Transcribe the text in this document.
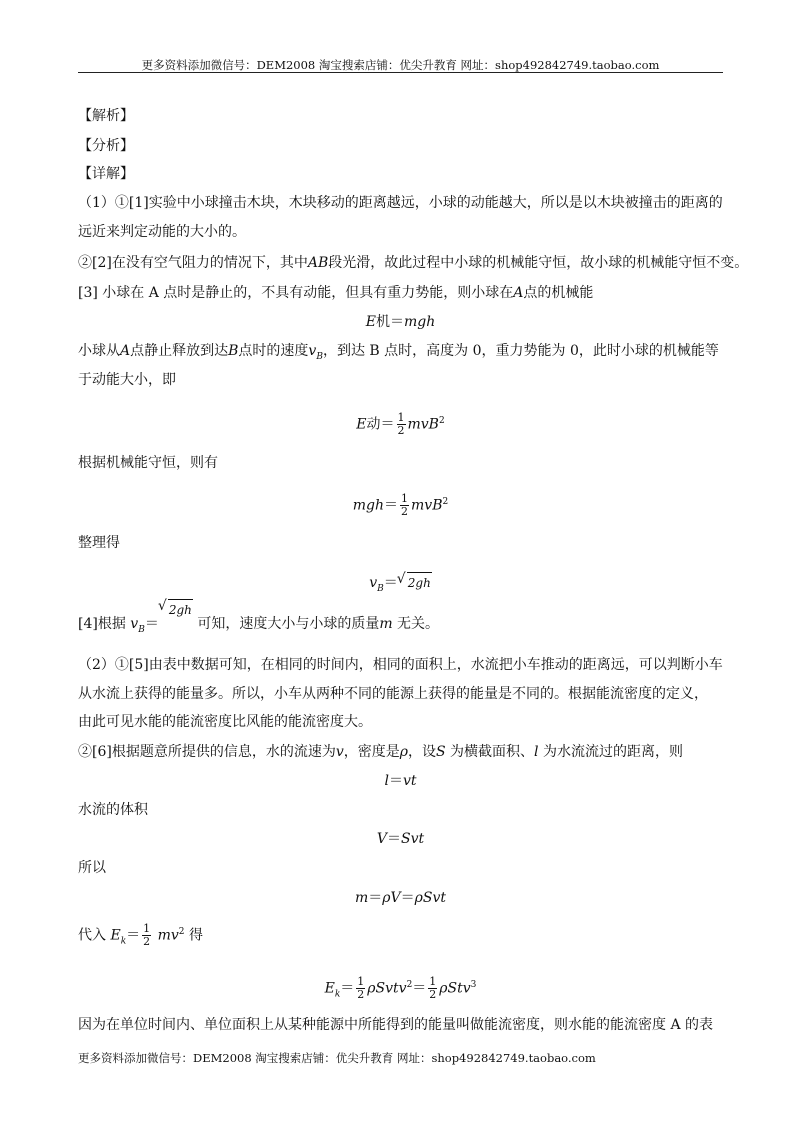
更多资料添加微信号：DEM2008 淘宝搜索店铺：优尖升教育 网址：shop492842749.taobao.com
【解析】
【分析】
【详解】
（1）①[1]实验中小球撞击木块，木块移动的距离越远，小球的动能越大，所以是以木块被撞击的距离的
远近来判定动能的大小的。
②[2]在没有空气阻力的情况下，其中AB段光滑，故此过程中小球的机械能守恒，故小球的机械能守恒不变。
[3] 小球在 A 点时是静止的，不具有动能，但具有重力势能，则小球在A点的机械能
E机＝mgh
小球从A点静止释放到达B点时的速度$v_B$，到达 B 点时，高度为 0，重力势能为 0，此时小球的机械能等
于动能大小，即
E动＝ $\frac{1}{2} mvB^2$
根据机械能守恒，则有
$mgh= \frac{1}{2} mvB^2$
整理得
$v_B=√$ 2gh
[4]根据 $v_B=√$ 2gh 可知，速度大小与小球的质量m 无关。
（2）①[5]由表中数据可知，在相同的时间内，相同的面积上，水流把小车推动的距离远，可以判断小车
从水流上获得的能量多。所以，小车从两种不同的能源上获得的能量是不同的。根据能流密度的定义，
由此可见水能的能流密度比风能的能流密度大。
②[6]根据题意所提供的信息，水的流速为v，密度是ρ，设S 为横截面积、l 为水流流过的距离，则
l＝vt
水流的体积
V＝Svt
所以
m＝ρV＝ρSvt
代入 $E_k= \frac{1}{2} mv^2$ 得
$E_k= \frac{1}{2}$ ρSvtv$^2$＝ $\frac{1}{2} \rho Stv^3$
因为在单位时间内、单位面积上从某种能源中所能得到的能量叫做能流密度，则水能的能流密度 A 的表
更多资料添加微信号：DEM2008 淘宝搜索店铺：优尖升教育 网址：shop492842749.taobao.com
